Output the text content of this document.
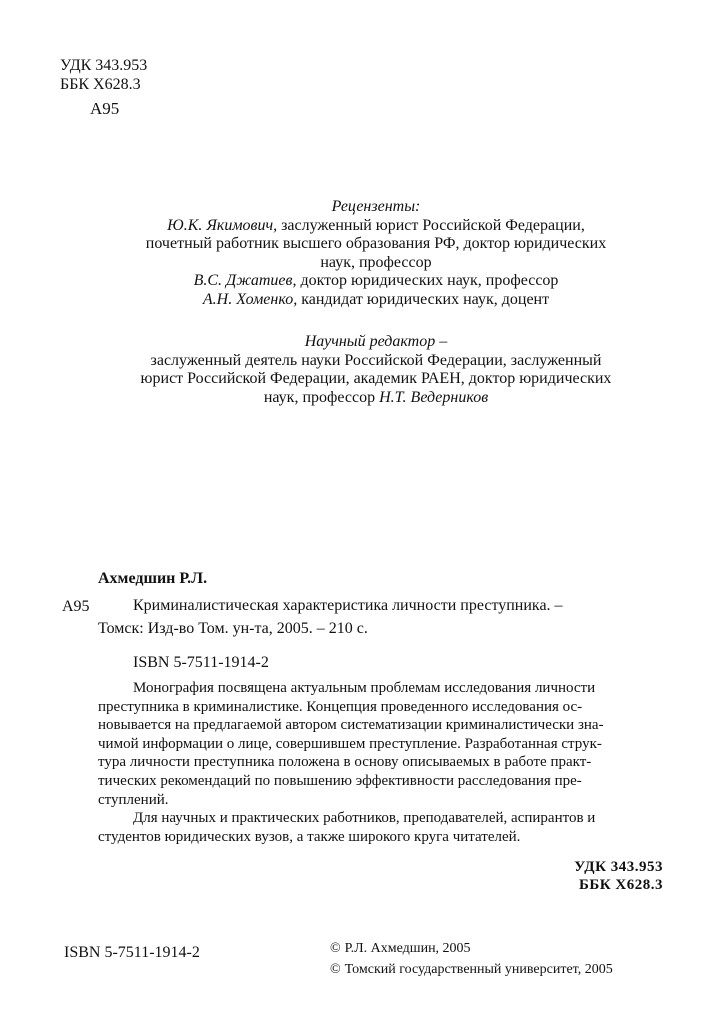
УДК 343.953
ББК Х628.3
А95
Рецензенты:
Ю.К. Якимович, заслуженный юрист Российской Федерации,
почетный работник высшего образования РФ, доктор юридических
наук, профессор
В.С. Джатиев, доктор юридических наук, профессор
А.Н. Хоменко, кандидат юридических наук, доцент
Научный редактор –
заслуженный деятель науки Российской Федерации, заслуженный
юрист Российской Федерации, академик РАЕН, доктор юридических
наук, профессор Н.Т. Ведерников
Ахмедшин Р.Л.
А95	Криминалистическая характеристика личности преступника. –
Томск: Изд-во Том. ун-та, 2005. – 210 с.
ISBN 5-7511-1914-2
Монография посвящена актуальным проблемам исследования личности
преступника в криминалистике. Концепция проведенного исследования ос-
новывается на предлагаемой автором систематизации криминалистически зна-
чимой информации о лице, совершившем преступление. Разработанная струк-
тура личности преступника положена в основу описываемых в работе практ-
тических рекомендаций по повышению эффективности расследования пре-
ступлений.
Для научных и практических работников, преподавателей, аспирантов и
студентов юридических вузов, а также широкого круга читателей.
УДК 343.953
ББК Х628.3
ISBN 5-7511-1914-2	© Р.Л. Ахмедшин, 2005
© Томский государственный университет, 2005
